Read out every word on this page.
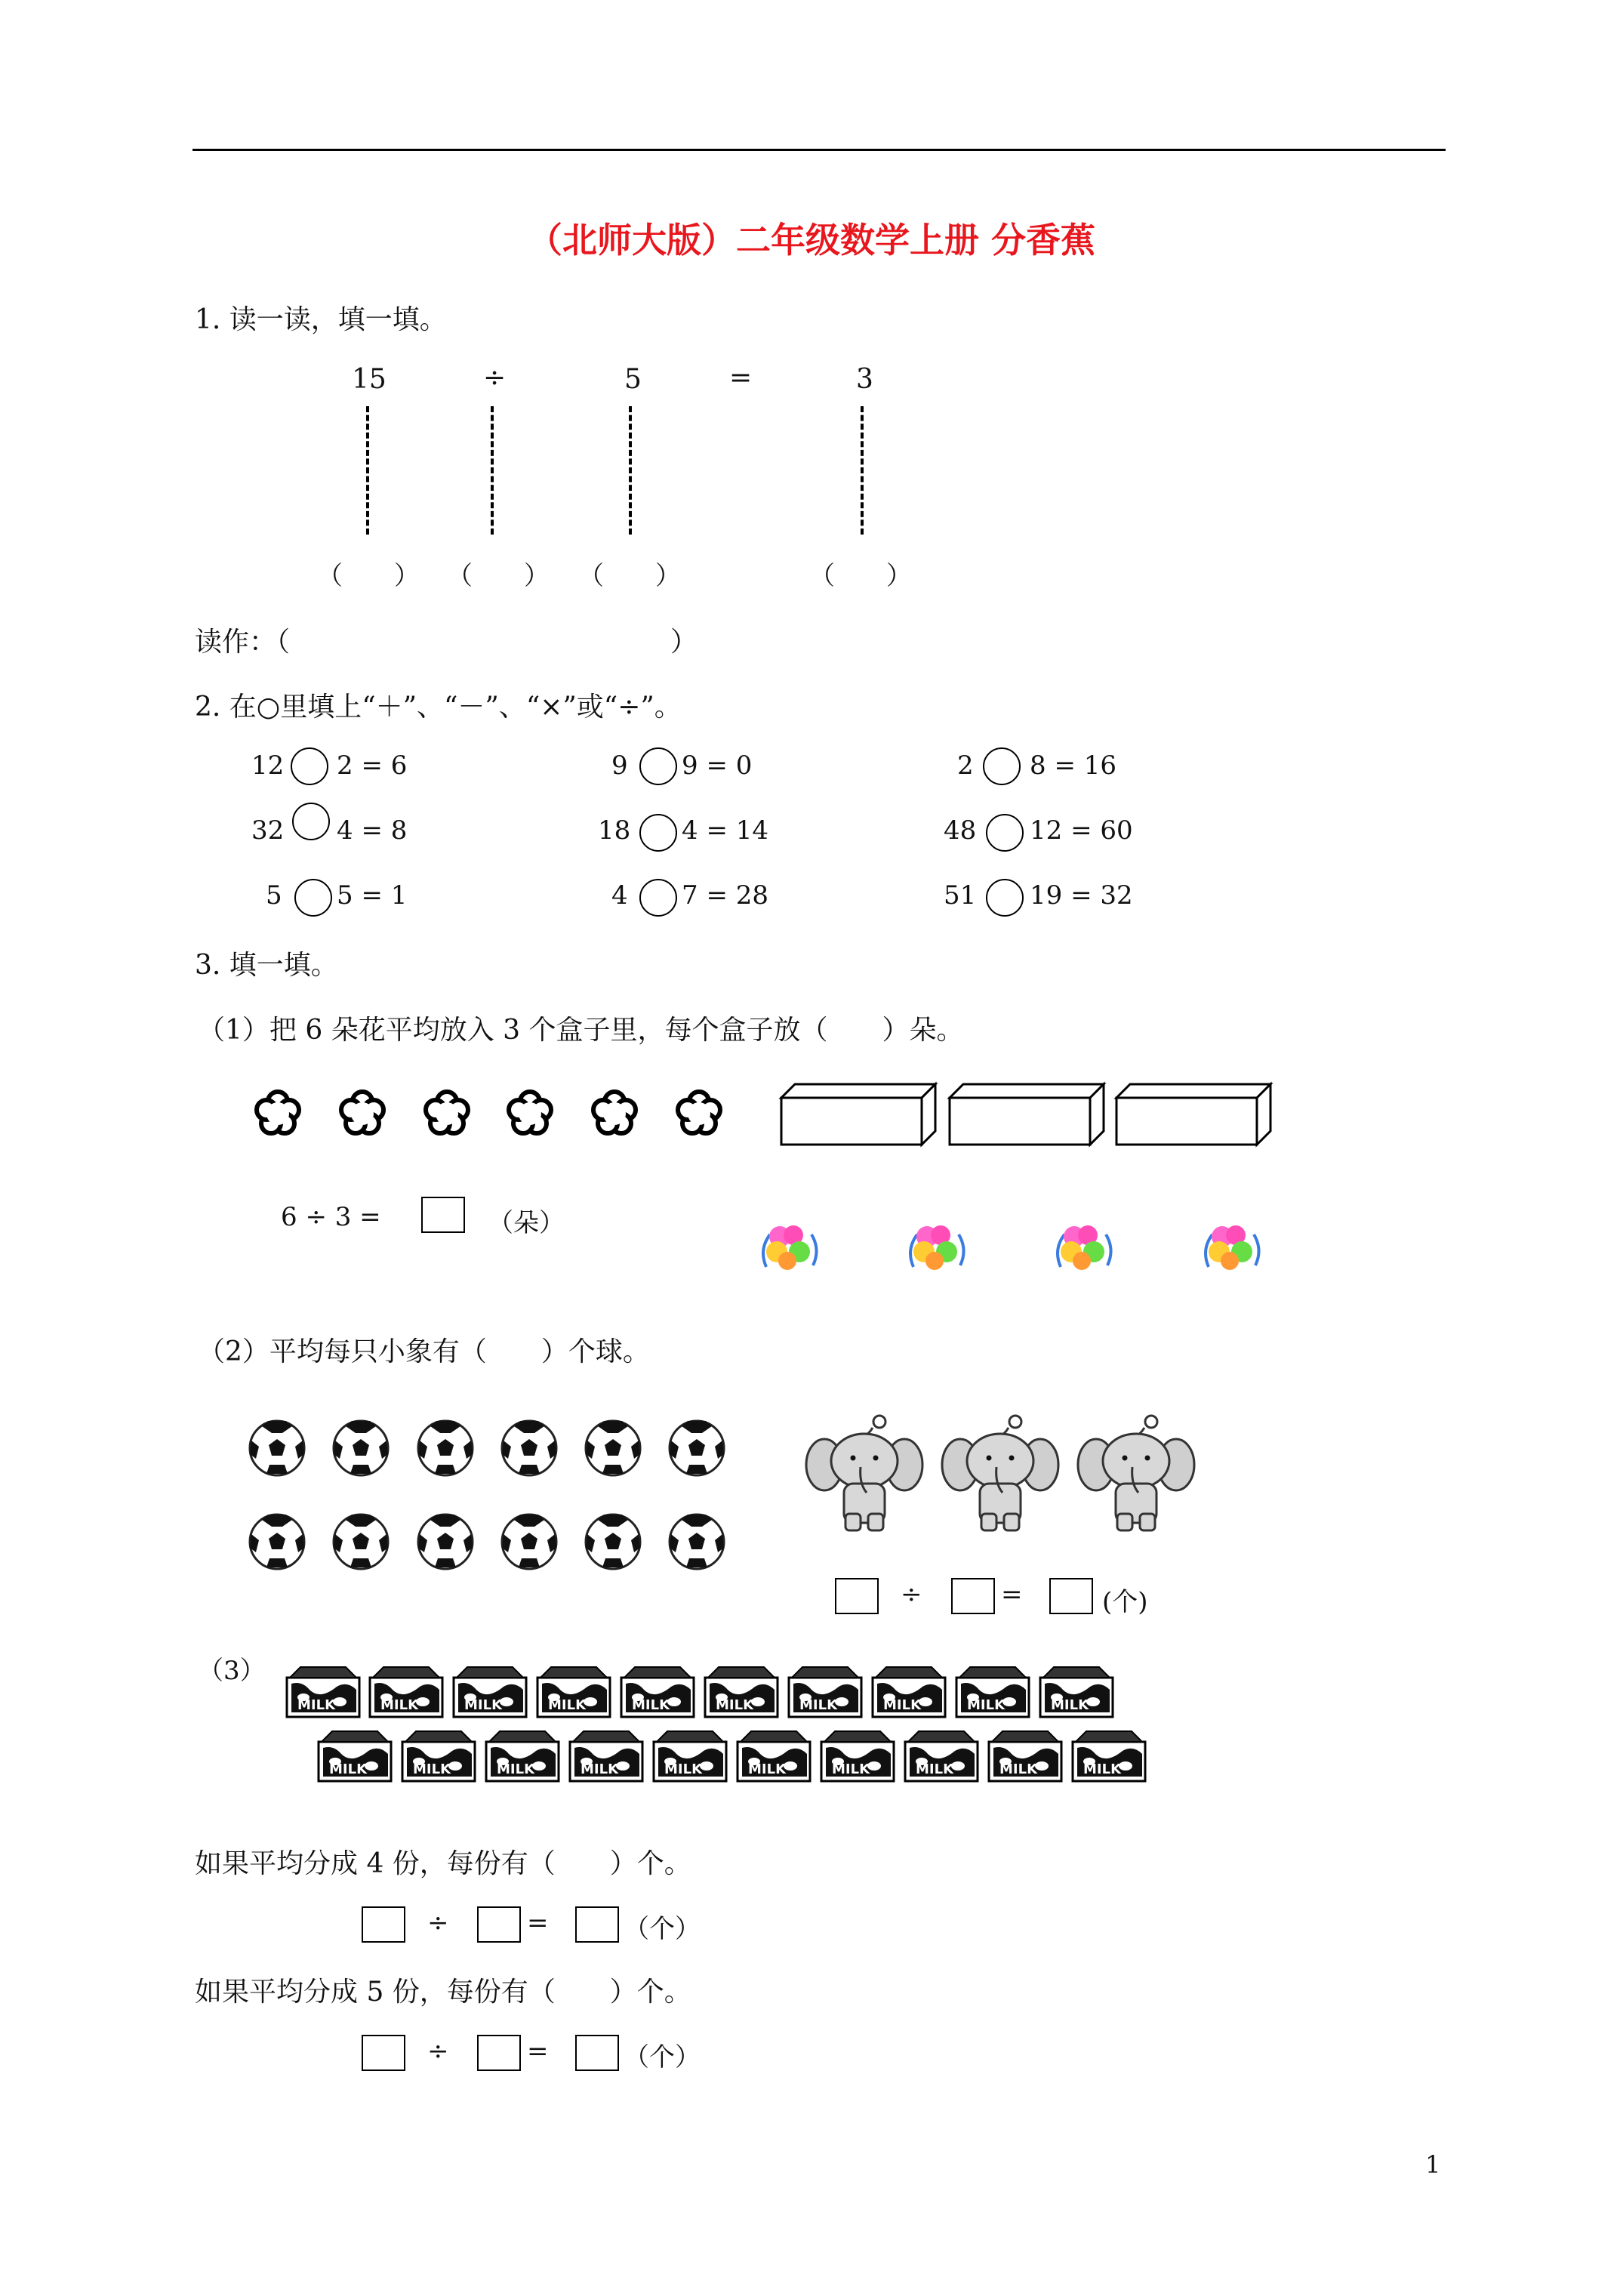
（北师大版）二年级数学上册 分香蕉
1. 读一读，填一填。
15	÷	5	=	3
（　　） （　　） （　　）	（　　）
读作：（　　　　　　　　　　　　　　）
2. 在○里填上“＋”、“－”、“×”或“÷”。
12 2 = 6	9 9 = 0	2 8 = 16
32 4 = 8	18 4 = 14	48 12 = 60
5 5 = 1	4 7 = 28	51 19 = 32
3. 填一填。
（1）把 6 朵花平均放入 3 个盒子里，每个盒子放（　　）朵。
6 ÷ 3 =	（朵）
（2）平均每只小象有（　　）个球。
÷	=	(个)
（3）
MILK	MILK	MILK	MILK	MILK	MILK	MILK	MILK	MILK	MILK
MILK	MILK	MILK	MILK	MILK	MILK	MILK	MILK	MILK	MILK
如果平均分成 4 份，每份有（　　）个。
÷	=	（个）
如果平均分成 5 份，每份有（　　）个。
÷	=	（个）
1
